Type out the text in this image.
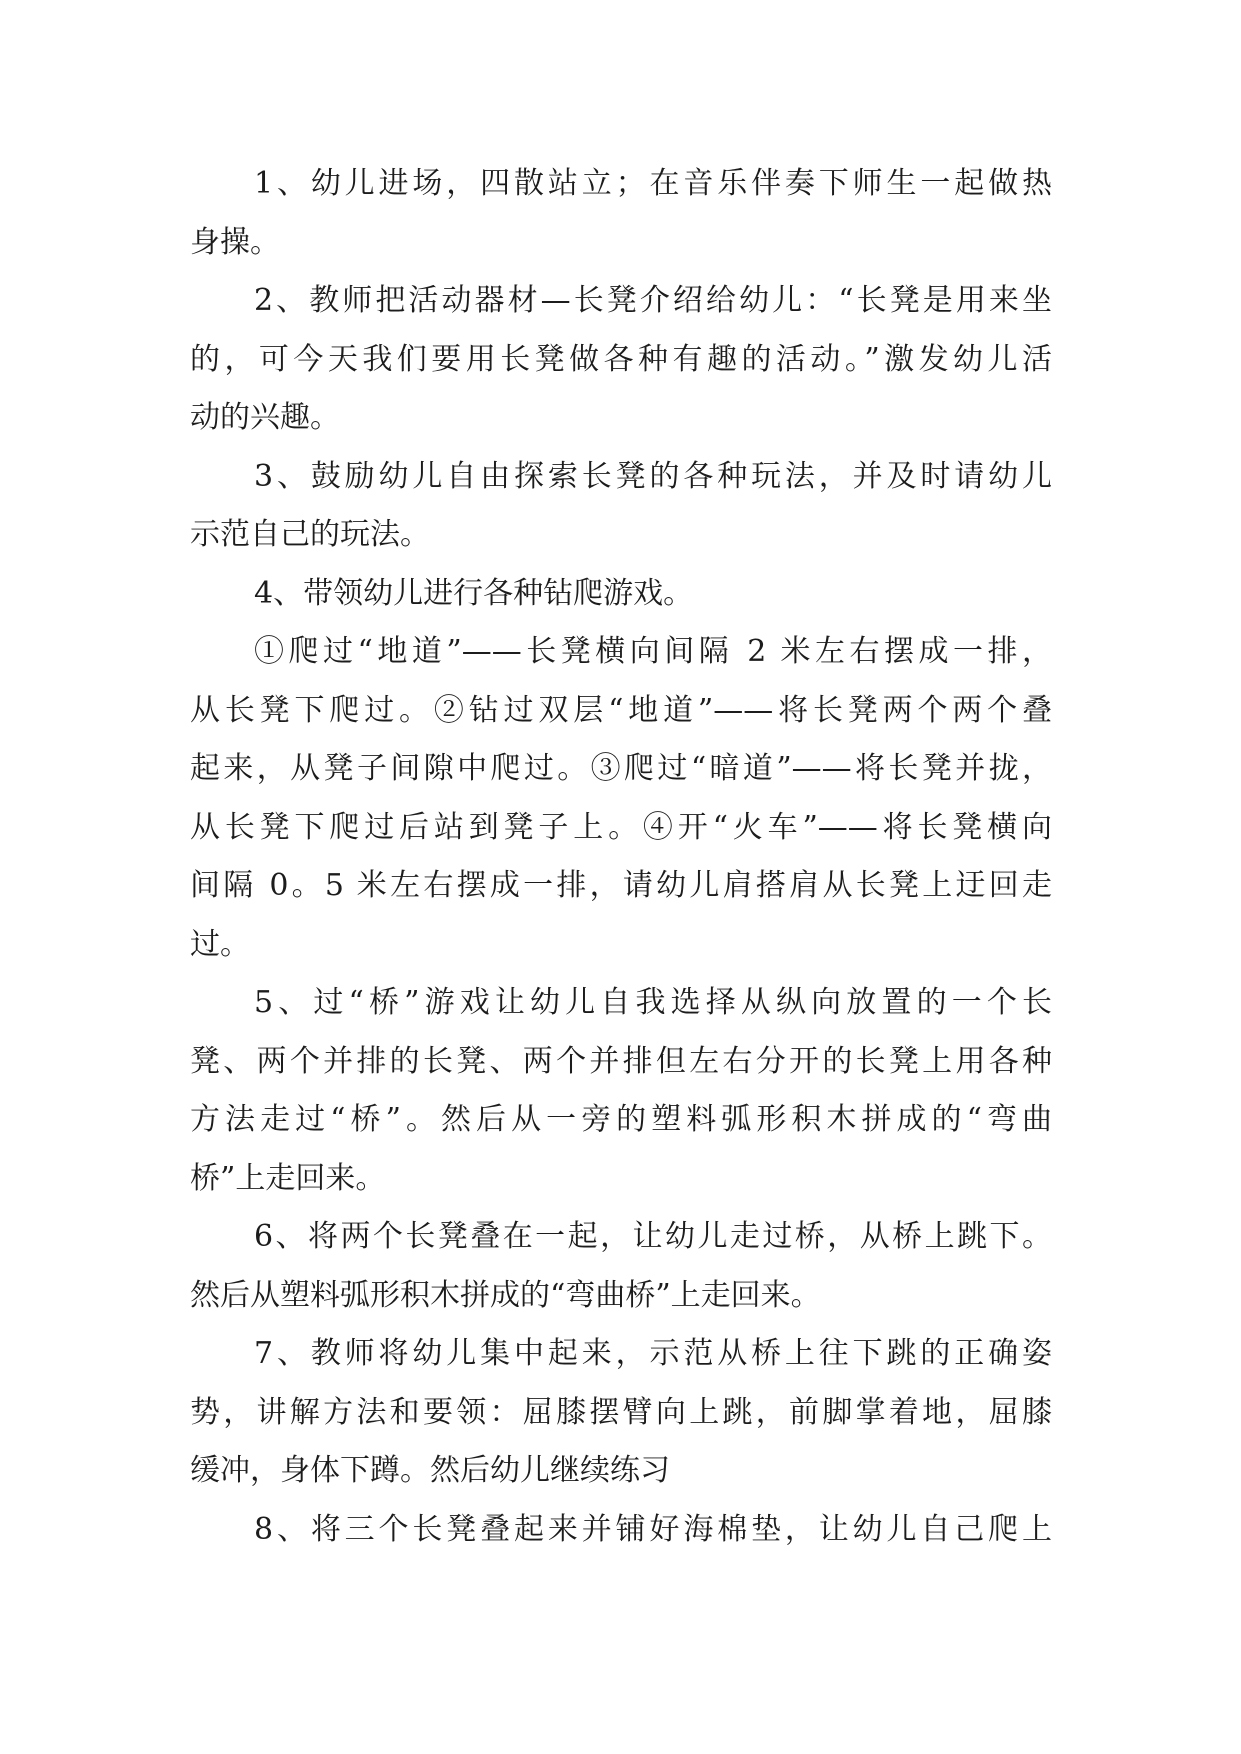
1、幼儿进场，四散站立；在音乐伴奏下师生一起做热
身操。
2、教师把活动器材—长凳介绍给幼儿：“长凳是用来坐
的，可今天我们要用长凳做各种有趣的活动。”激发幼儿活
动的兴趣。
3、鼓励幼儿自由探索长凳的各种玩法，并及时请幼儿
示范自己的玩法。
4、带领幼儿进行各种钻爬游戏。
①爬过“地道”——长凳横向间隔 2 米左右摆成一排，
从长凳下爬过。②钻过双层“地道”——将长凳两个两个叠
起来，从凳子间隙中爬过。③爬过“暗道”——将长凳并拢，
从长凳下爬过后站到凳子上。④开“火车”——将长凳横向
间隔 0。5 米左右摆成一排，请幼儿肩搭肩从长凳上迂回走
过。
5、过“桥”游戏让幼儿自我选择从纵向放置的一个长
凳、两个并排的长凳、两个并排但左右分开的长凳上用各种
方法走过“桥”。然后从一旁的塑料弧形积木拼成的“弯曲
桥”上走回来。
6、将两个长凳叠在一起，让幼儿走过桥，从桥上跳下。
然后从塑料弧形积木拼成的“弯曲桥”上走回来。
7、教师将幼儿集中起来，示范从桥上往下跳的正确姿
势，讲解方法和要领：屈膝摆臂向上跳，前脚掌着地，屈膝
缓冲，身体下蹲。然后幼儿继续练习
8、将三个长凳叠起来并铺好海棉垫，让幼儿自己爬上
